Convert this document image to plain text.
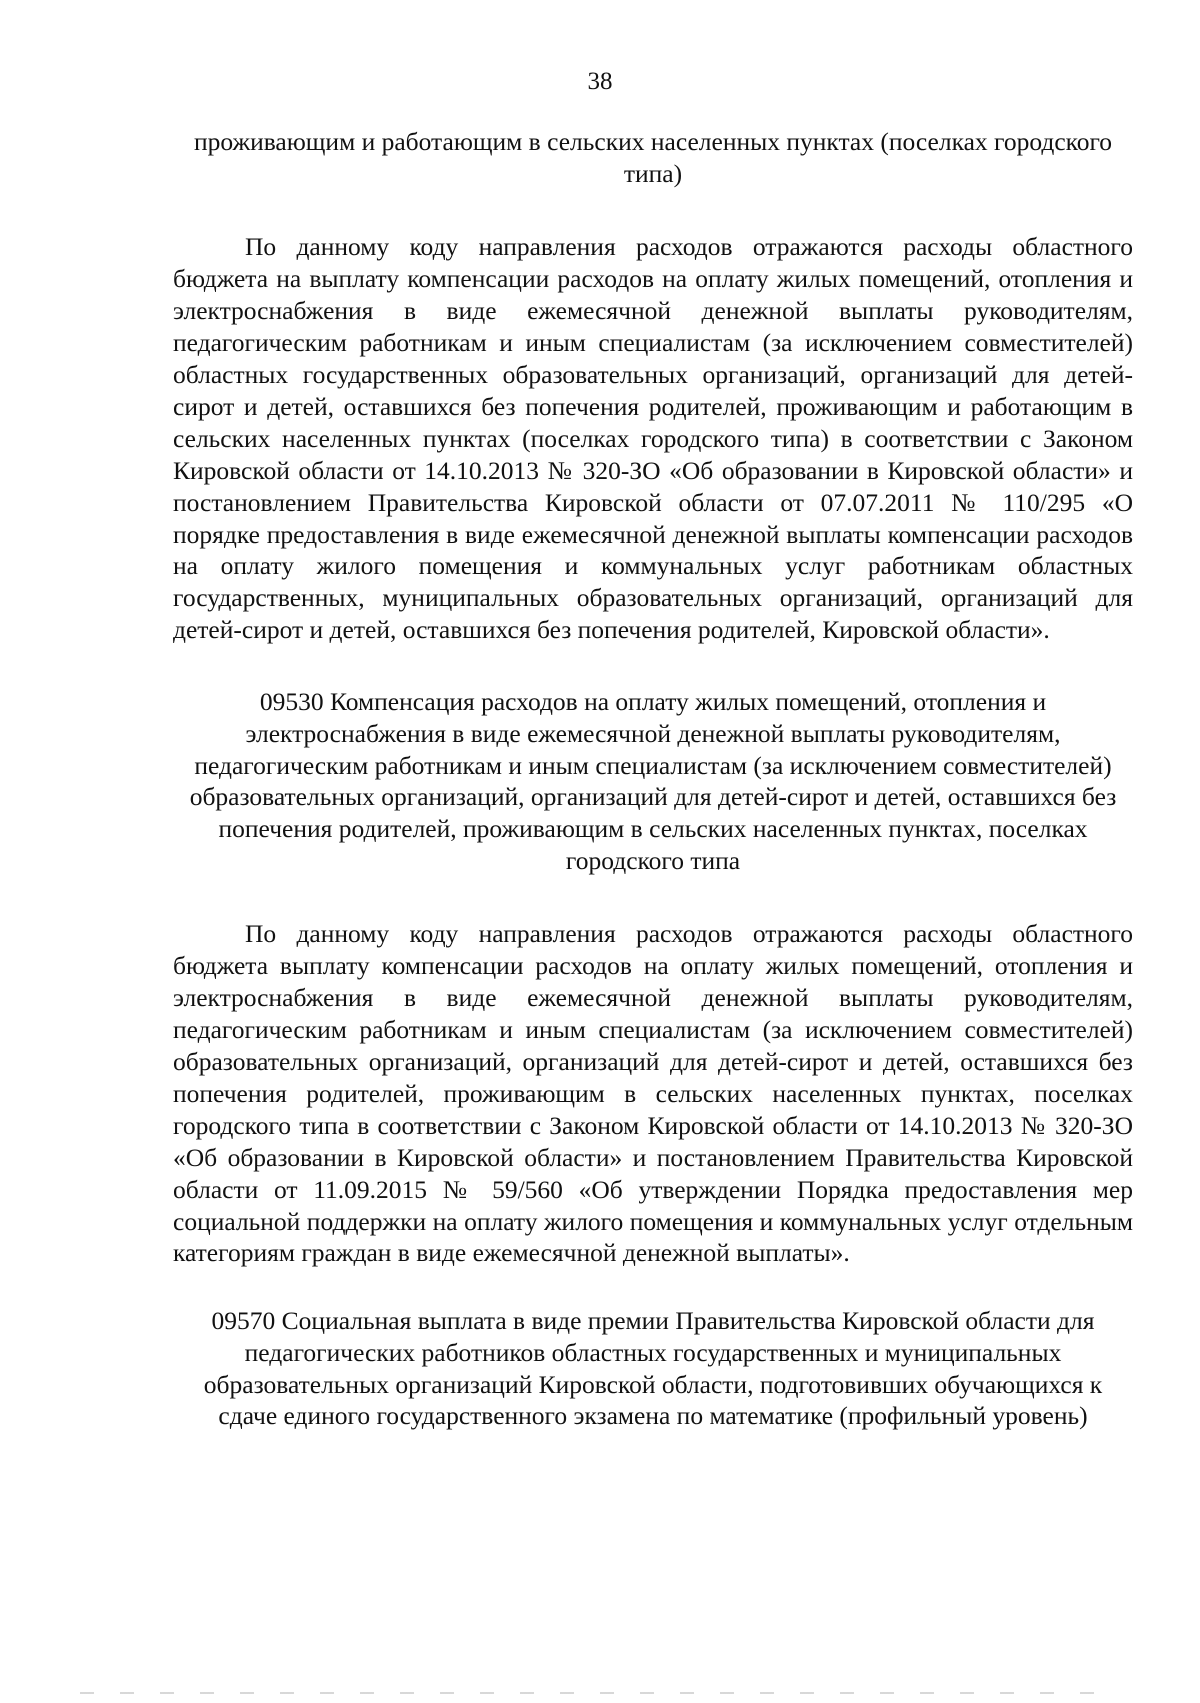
38

проживающим и работающим в сельских населенных пунктах (поселках городского типа)

По данному коду направления расходов отражаются расходы областного бюджета на выплату компенсации расходов на оплату жилых помещений, отопления и электроснабжения в виде ежемесячной денежной выплаты руководителям, педагогическим работникам и иным специалистам (за исключением совместителей) областных государственных образовательных организаций, организаций для детей-сирот и детей, оставшихся без попечения родителей, проживающим и работающим в сельских населенных пунктах (поселках городского типа) в соответствии с Законом Кировской области от 14.10.2013 № 320-ЗО «Об образовании в Кировской области» и постановлением Правительства Кировской области от 07.07.2011 № 110/295 «О порядке предоставления в виде ежемесячной денежной выплаты компенсации расходов на оплату жилого помещения и коммунальных услуг работникам областных государственных, муниципальных образовательных организаций, организаций для детей-сирот и детей, оставшихся без попечения родителей, Кировской области».

09530 Компенсация расходов на оплату жилых помещений, отопления и электроснабжения в виде ежемесячной денежной выплаты руководителям, педагогическим работникам и иным специалистам (за исключением совместителей) образовательных организаций, организаций для детей-сирот и детей, оставшихся без попечения родителей, проживающим в сельских населенных пунктах, поселках городского типа

По данному коду направления расходов отражаются расходы областного бюджета выплату компенсации расходов на оплату жилых помещений, отопления и электроснабжения в виде ежемесячной денежной выплаты руководителям, педагогическим работникам и иным специалистам (за исключением совместителей) образовательных организаций, организаций для детей-сирот и детей, оставшихся без попечения родителей, проживающим в сельских населенных пунктах, поселках городского типа в соответствии с Законом Кировской области от 14.10.2013 № 320-ЗО «Об образовании в Кировской области» и постановлением Правительства Кировской области от 11.09.2015 № 59/560 «Об утверждении Порядка предоставления мер социальной поддержки на оплату жилого помещения и коммунальных услуг отдельным категориям граждан в виде ежемесячной денежной выплаты».

09570 Социальная выплата в виде премии Правительства Кировской области для педагогических работников областных государственных и муниципальных образовательных организаций Кировской области, подготовивших обучающихся к сдаче единого государственного экзамена по математике (профильный уровень)
